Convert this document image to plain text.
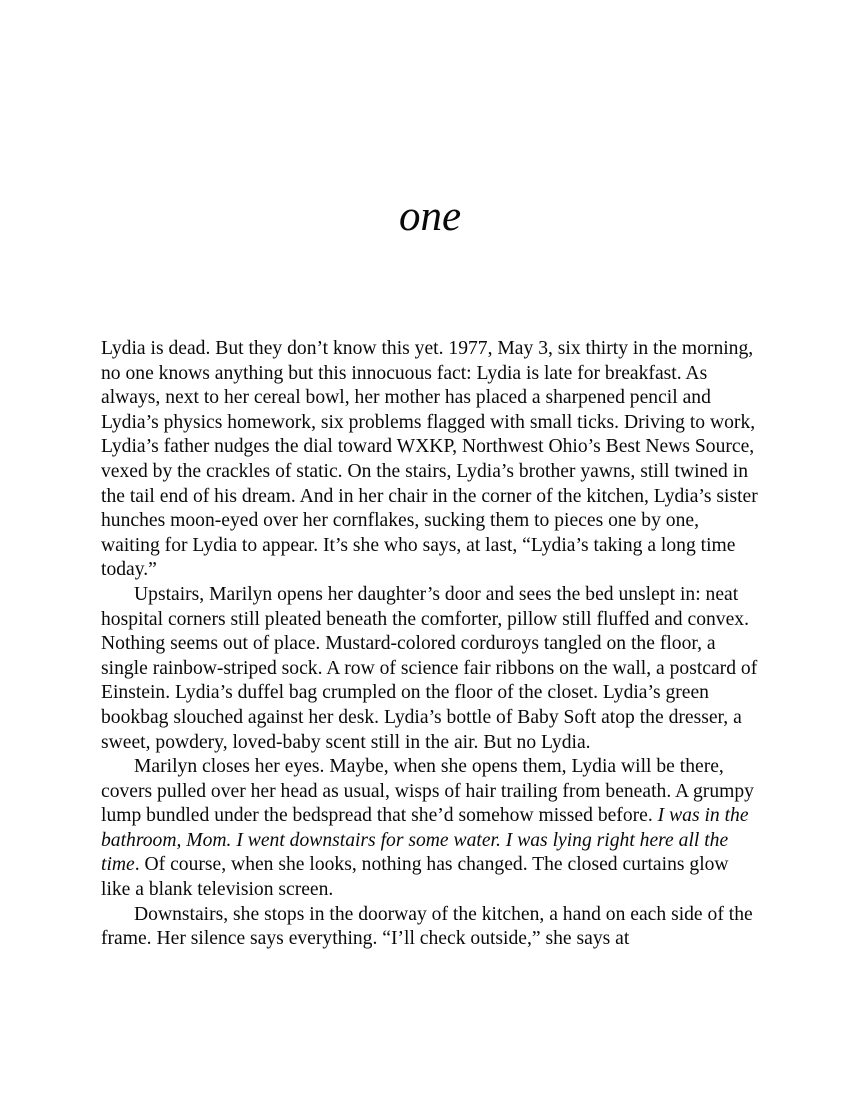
one

Lydia is dead. But they don’t know this yet. 1977, May 3, six thirty in the morning, no one knows anything but this innocuous fact: Lydia is late for breakfast. As always, next to her cereal bowl, her mother has placed a sharpened pencil and Lydia’s physics homework, six problems flagged with small ticks. Driving to work, Lydia’s father nudges the dial toward WXKP, Northwest Ohio’s Best News Source, vexed by the crackles of static. On the stairs, Lydia’s brother yawns, still twined in the tail end of his dream. And in her chair in the corner of the kitchen, Lydia’s sister hunches moon-eyed over her cornflakes, sucking them to pieces one by one, waiting for Lydia to appear. It’s she who says, at last, “Lydia’s taking a long time today.”

Upstairs, Marilyn opens her daughter’s door and sees the bed unslept in: neat hospital corners still pleated beneath the comforter, pillow still fluffed and convex. Nothing seems out of place. Mustard-colored corduroys tangled on the floor, a single rainbow-striped sock. A row of science fair ribbons on the wall, a postcard of Einstein. Lydia’s duffel bag crumpled on the floor of the closet. Lydia’s green bookbag slouched against her desk. Lydia’s bottle of Baby Soft atop the dresser, a sweet, powdery, loved-baby scent still in the air. But no Lydia.

Marilyn closes her eyes. Maybe, when she opens them, Lydia will be there, covers pulled over her head as usual, wisps of hair trailing from beneath. A grumpy lump bundled under the bedspread that she’d somehow missed before. I was in the bathroom, Mom. I went downstairs for some water. I was lying right here all the time. Of course, when she looks, nothing has changed. The closed curtains glow like a blank television screen.

Downstairs, she stops in the doorway of the kitchen, a hand on each side of the frame. Her silence says everything. “I’ll check outside,” she says at
